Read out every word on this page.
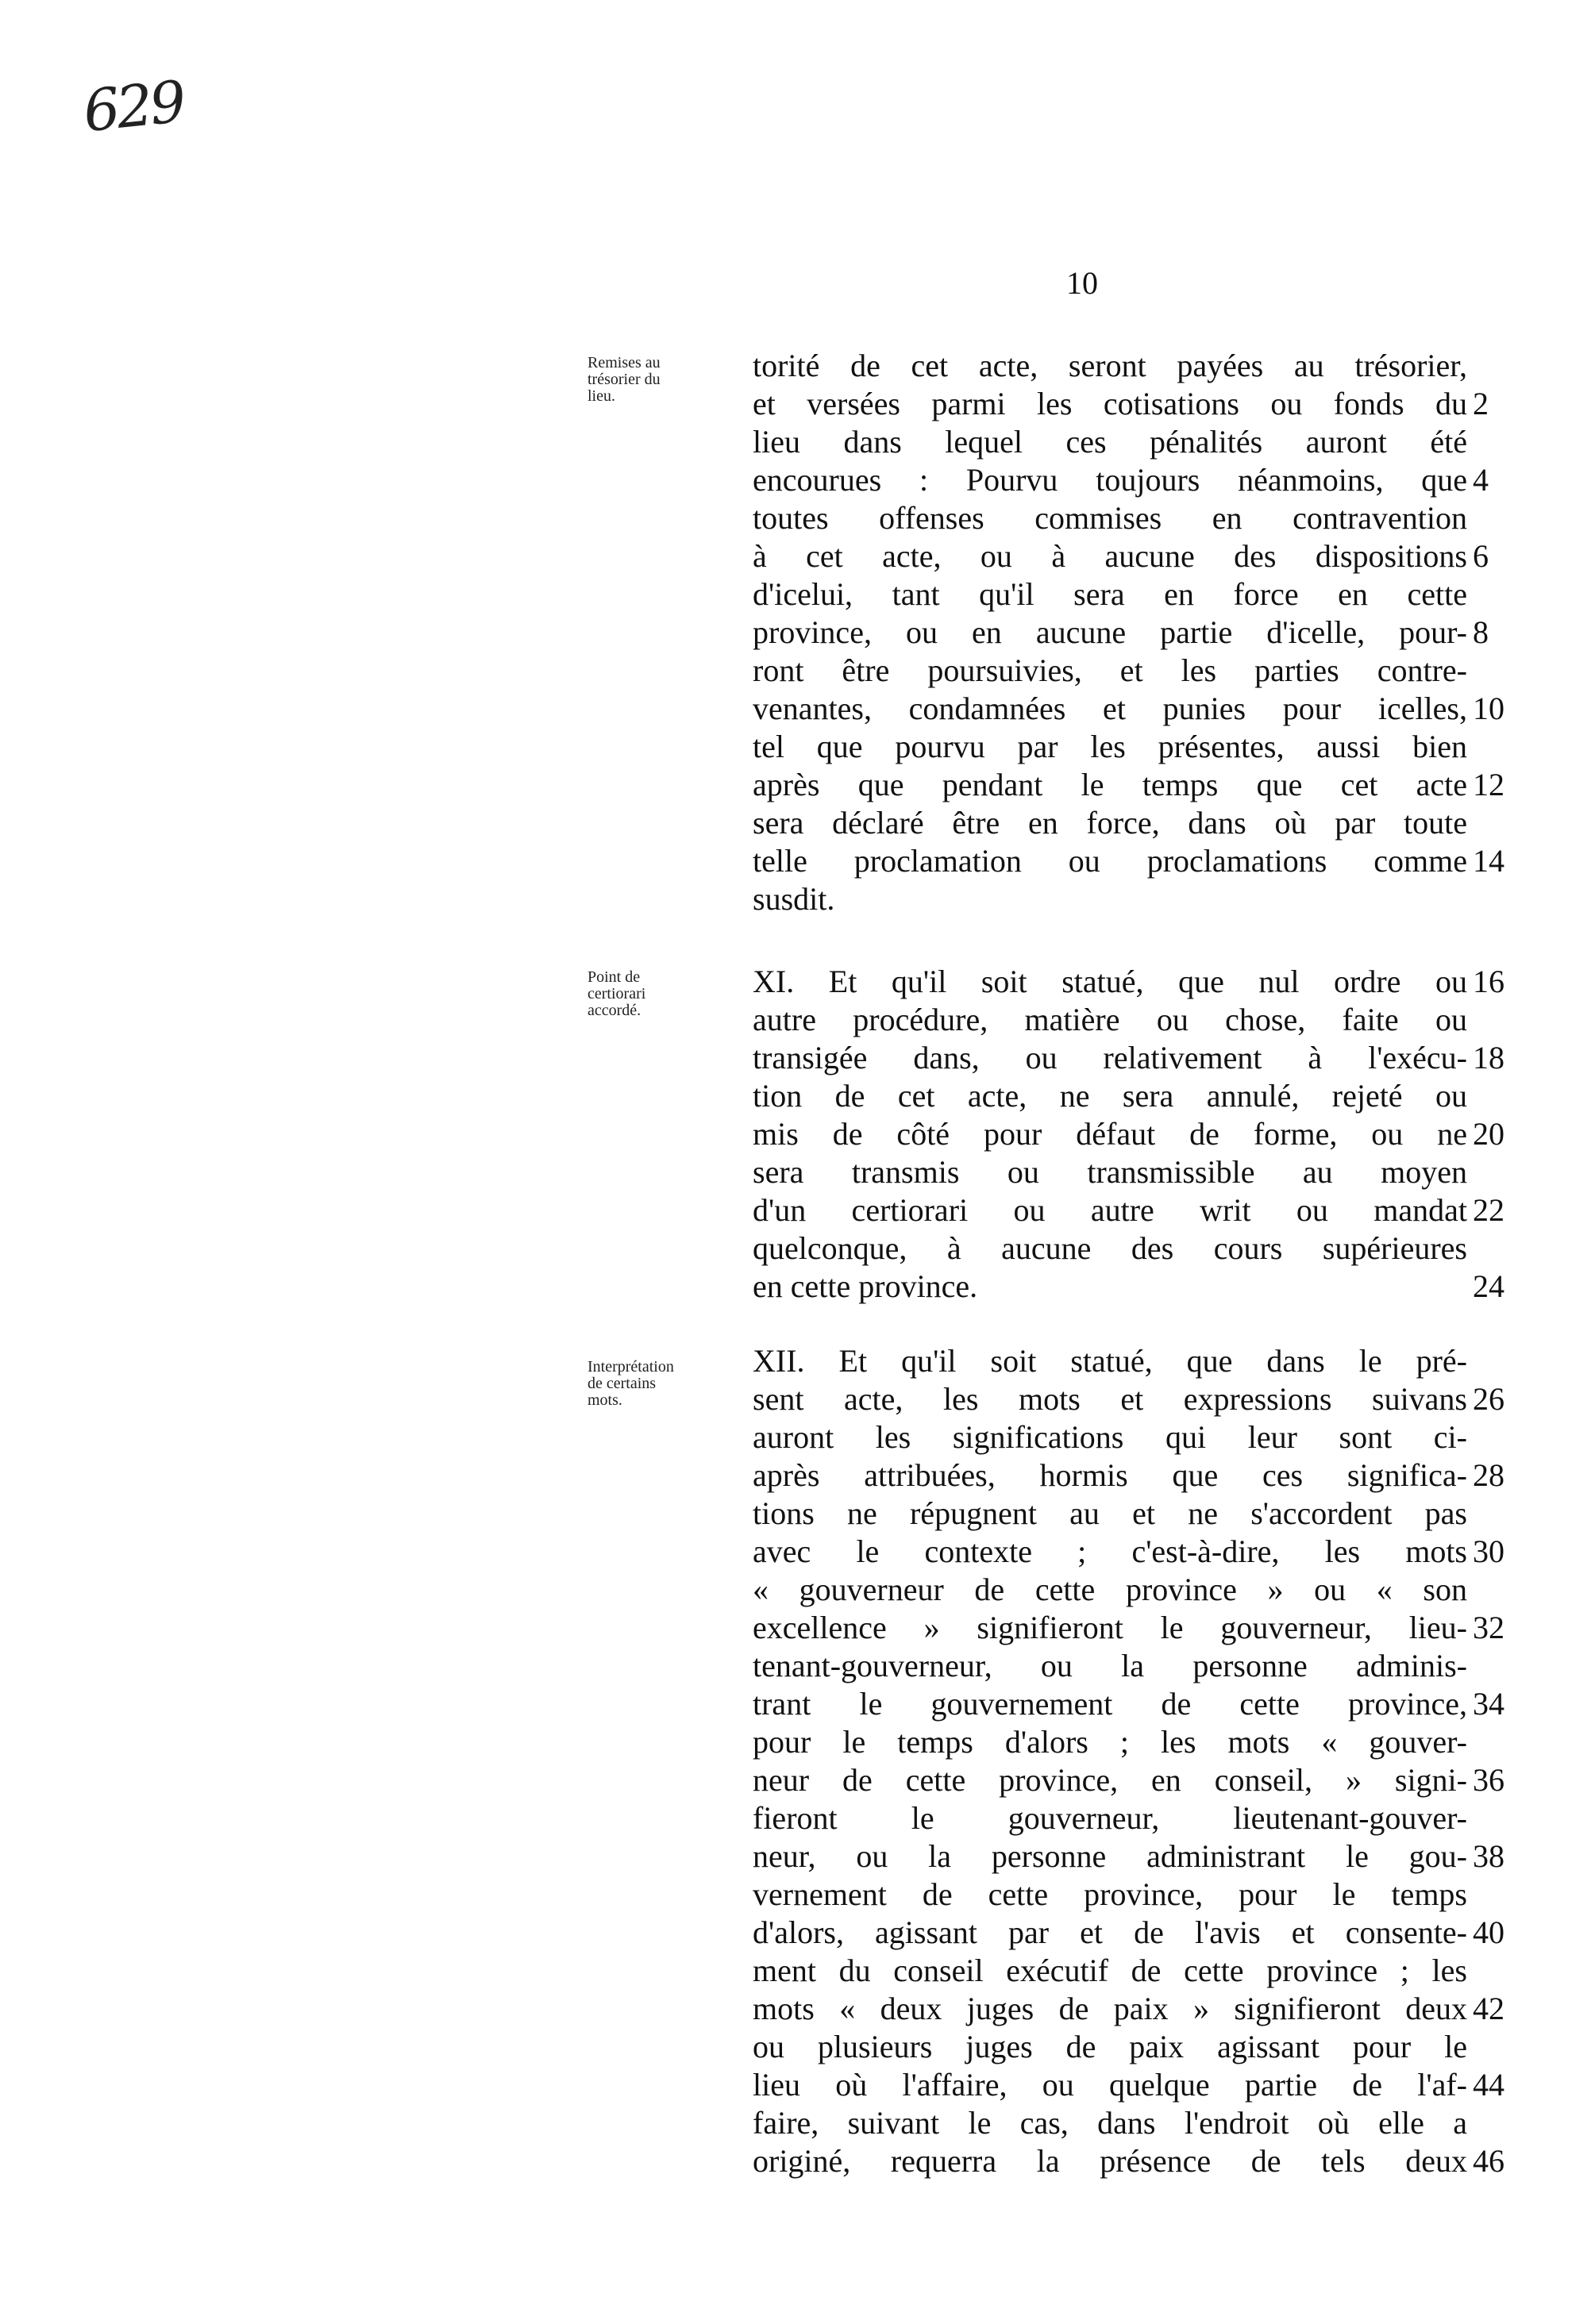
629
10
Remises au trésorier du lieu.
Point de certiorari accordé.
Interprétation de certains mots.
torité de cet acte, seront payées au trésorier,
et versées parmi les cotisations ou fonds du
lieu dans lequel ces pénalités auront été
encourues : Pourvu toujours néanmoins, que
toutes offenses commises en contravention
à cet acte, ou à aucune des dispositions
d'icelui, tant qu'il sera en force en cette
province, ou en aucune partie d'icelle, pour-
ront être poursuivies, et les parties contre-
venantes, condamnées et punies pour icelles,
tel que pourvu par les présentes, aussi bien
après que pendant le temps que cet acte
sera déclaré être en force, dans où par toute
telle proclamation ou proclamations comme
susdit.
XI. Et qu'il soit statué, que nul ordre ou
autre procédure, matière ou chose, faite ou
transigée dans, ou relativement à l'exécu-
tion de cet acte, ne sera annulé, rejeté ou
mis de côté pour défaut de forme, ou ne
sera transmis ou transmissible au moyen
d'un certiorari ou autre writ ou mandat
quelconque, à aucune des cours supérieures
en cette province.
XII. Et qu'il soit statué, que dans le pré-
sent acte, les mots et expressions suivans
auront les significations qui leur sont ci-
après attribuées, hormis que ces significa-
tions ne répugnent au et ne s'accordent pas
avec le contexte ; c'est-à-dire, les mots
« gouverneur de cette province » ou « son
excellence » signifieront le gouverneur, lieu-
tenant-gouverneur, ou la personne adminis-
trant le gouvernement de cette province,
pour le temps d'alors ; les mots « gouver-
neur de cette province, en conseil, » signi-
fieront le gouverneur, lieutenant-gouver-
neur, ou la personne administrant le gou-
vernement de cette province, pour le temps
d'alors, agissant par et de l'avis et consente-
ment du conseil exécutif de cette province ; les
mots « deux juges de paix » signifieront deux
ou plusieurs juges de paix agissant pour le
lieu où l'affaire, ou quelque partie de l'af-
faire, suivant le cas, dans l'endroit où elle a
originé, requerra la présence de tels deux
2
4
6
8
10
12
14
16
18
20
22
24
26
28
30
32
34
36
38
40
42
44
46
